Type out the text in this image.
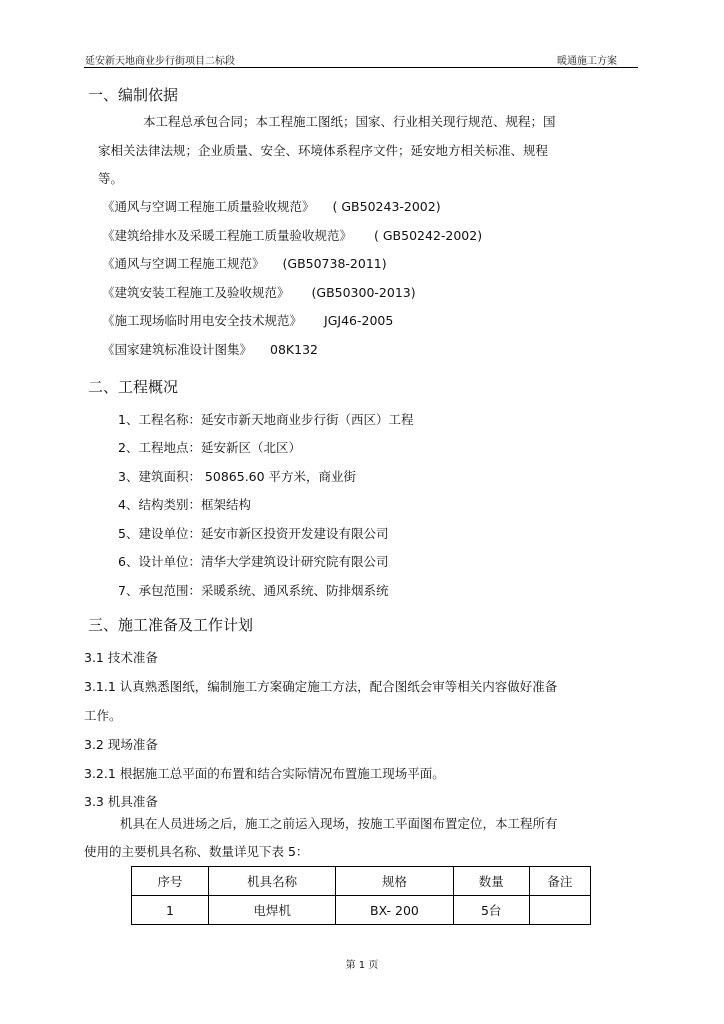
延安新天地商业步行街项目二标段	暖通施工方案
一、编制依据
本工程总承包合同；本工程施工图纸；国家、行业相关现行规范、规程；国
家相关法律法规；企业质量、安全、环境体系程序文件；延安地方相关标准、规程
等。
《通风与空调工程施工质量验收规范》 ( GB50243-2002)
《建筑给排水及采暖工程施工质量验收规范》 ( GB50242-2002)
《通风与空调工程施工规范》 (GB50738-2011)
《建筑安装工程施工及验收规范》 (GB50300-2013)
《施工现场临时用电安全技术规范》 JGJ46-2005
《国家建筑标准设计图集》 08K132
二、工程概况
1、工程名称：延安市新天地商业步行街（西区）工程
2、工程地点：延安新区（北区）
3、建筑面积： 50865.60 平方米，商业街
4、结构类别：框架结构
5、建设单位：延安市新区投资开发建设有限公司
6、设计单位：清华大学建筑设计研究院有限公司
7、承包范围：采暖系统、通风系统、防排烟系统
三、施工准备及工作计划
3.1 技术准备
3.1.1 认真熟悉图纸，编制施工方案确定施工方法，配合图纸会审等相关内容做好准备
工作。
3.2 现场准备
3.2.1 根据施工总平面的布置和结合实际情况布置施工现场平面。
3.3 机具准备
机具在人员进场之后，施工之前运入现场，按施工平面图布置定位，本工程所有
使用的主要机具名称、数量详见下表 5：
序号	机具名称	规格	数量	备注
1	电焊机	BX- 200	5台	
第 1 页
